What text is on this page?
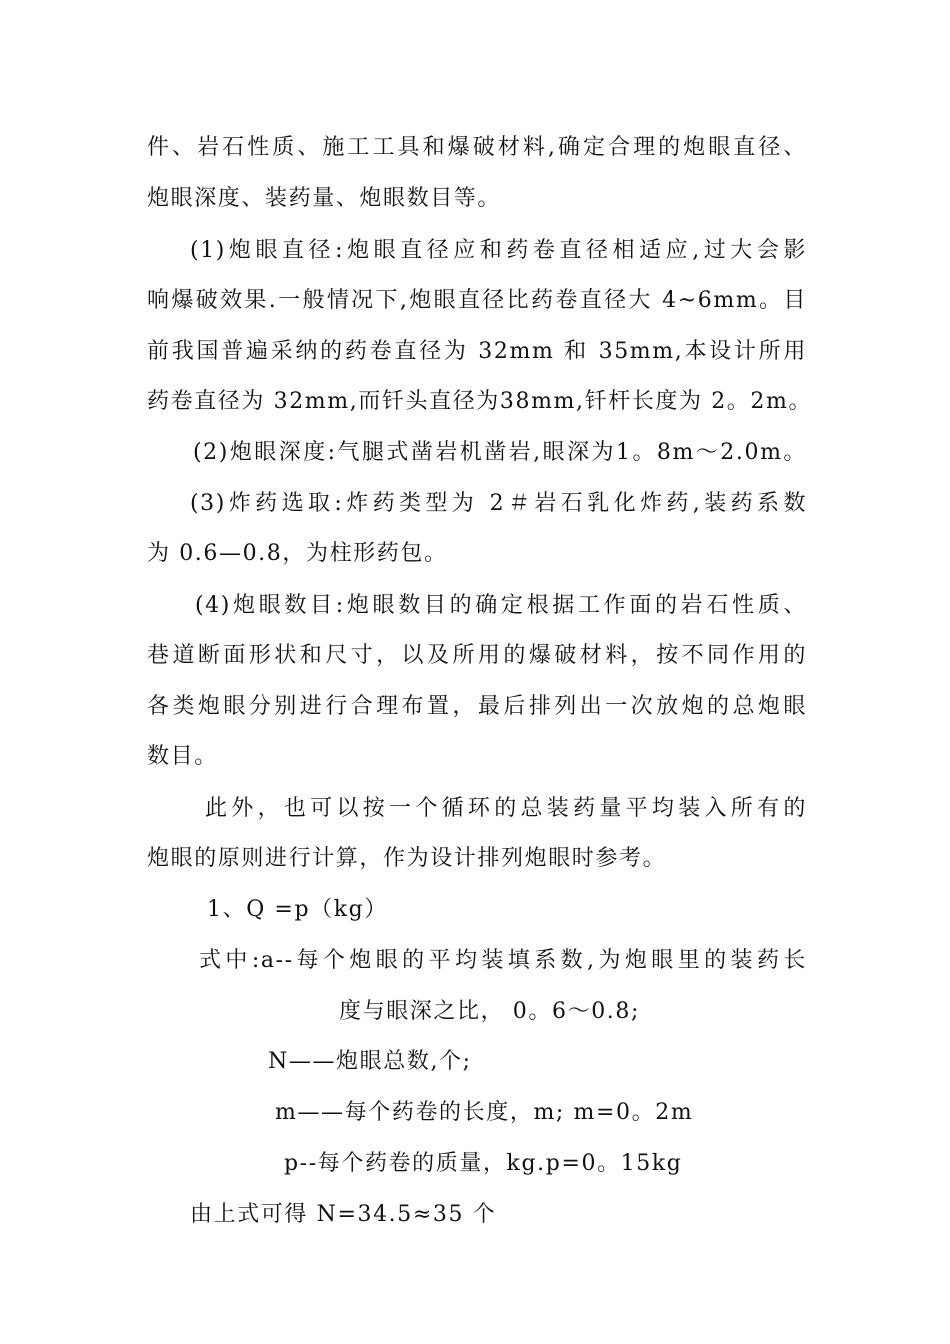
件、岩石性质、施工工具和爆破材料,确定合理的炮眼直径、
炮眼深度、装药量、炮眼数目等。
(1)炮眼直径:炮眼直径应和药卷直径相适应,过大会影
响爆破效果.一般情况下,炮眼直径比药卷直径大 4~6mm。目
前我国普遍采纳的药卷直径为 32mm 和 35mm,本设计所用
药卷直径为 32mm,而钎头直径为38mm,钎杆长度为 2。2m。
(2)炮眼深度:气腿式凿岩机凿岩,眼深为1。8m～2.0m。
(3)炸药选取:炸药类型为 2＃岩石乳化炸药,装药系数
为 0.6—0.8，为柱形药包。
(4)炮眼数目:炮眼数目的确定根据工作面的岩石性质、
巷道断面形状和尺寸，以及所用的爆破材料，按不同作用的
各类炮眼分别进行合理布置，最后排列出一次放炮的总炮眼
数目。
此外，也可以按一个循环的总装药量平均装入所有的
炮眼的原则进行计算，作为设计排列炮眼时参考。
1、Q =p（kg）
式中:a--每个炮眼的平均装填系数,为炮眼里的装药长
度与眼深之比， 0。6～0.8;
N——炮眼总数,个;
m——每个药卷的长度，m; m=0。2m
p--每个药卷的质量，kg.p=0。15kg
由上式可得 N=34.5≈35 个
